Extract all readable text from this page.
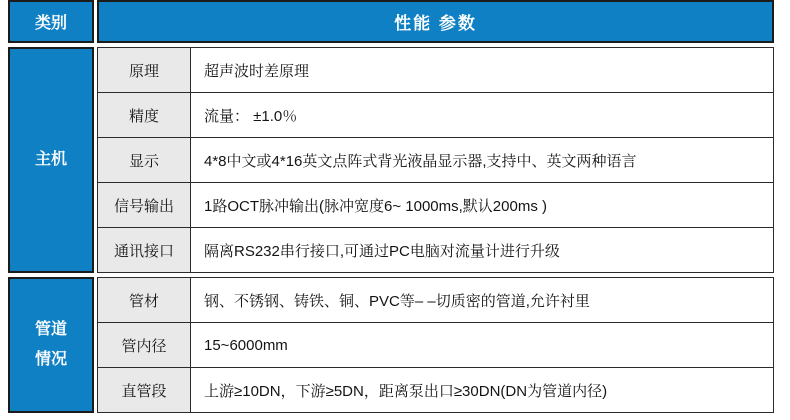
类别	性能 参数
主机
原理	超声波时差原理
精度	流量： ±1.0％
显示	4*8中文或4*16英文点阵式背光液晶显示器,支持中、英文两种语言
信号输出	1路OCT脉冲输出(脉冲宽度6~ 1000ms,默认200ms )
通讯接口	隔离RS232串行接口,可通过PC电脑对流量计进行升级
管道情况
管材	钢、不锈钢、铸铁、铜、PVC等– –切质密的管道,允许衬里
管内径	15~6000mm
直管段	上游≥10DN，下游≥5DN，距离泵出口≥30DN(DN为管道内径)
